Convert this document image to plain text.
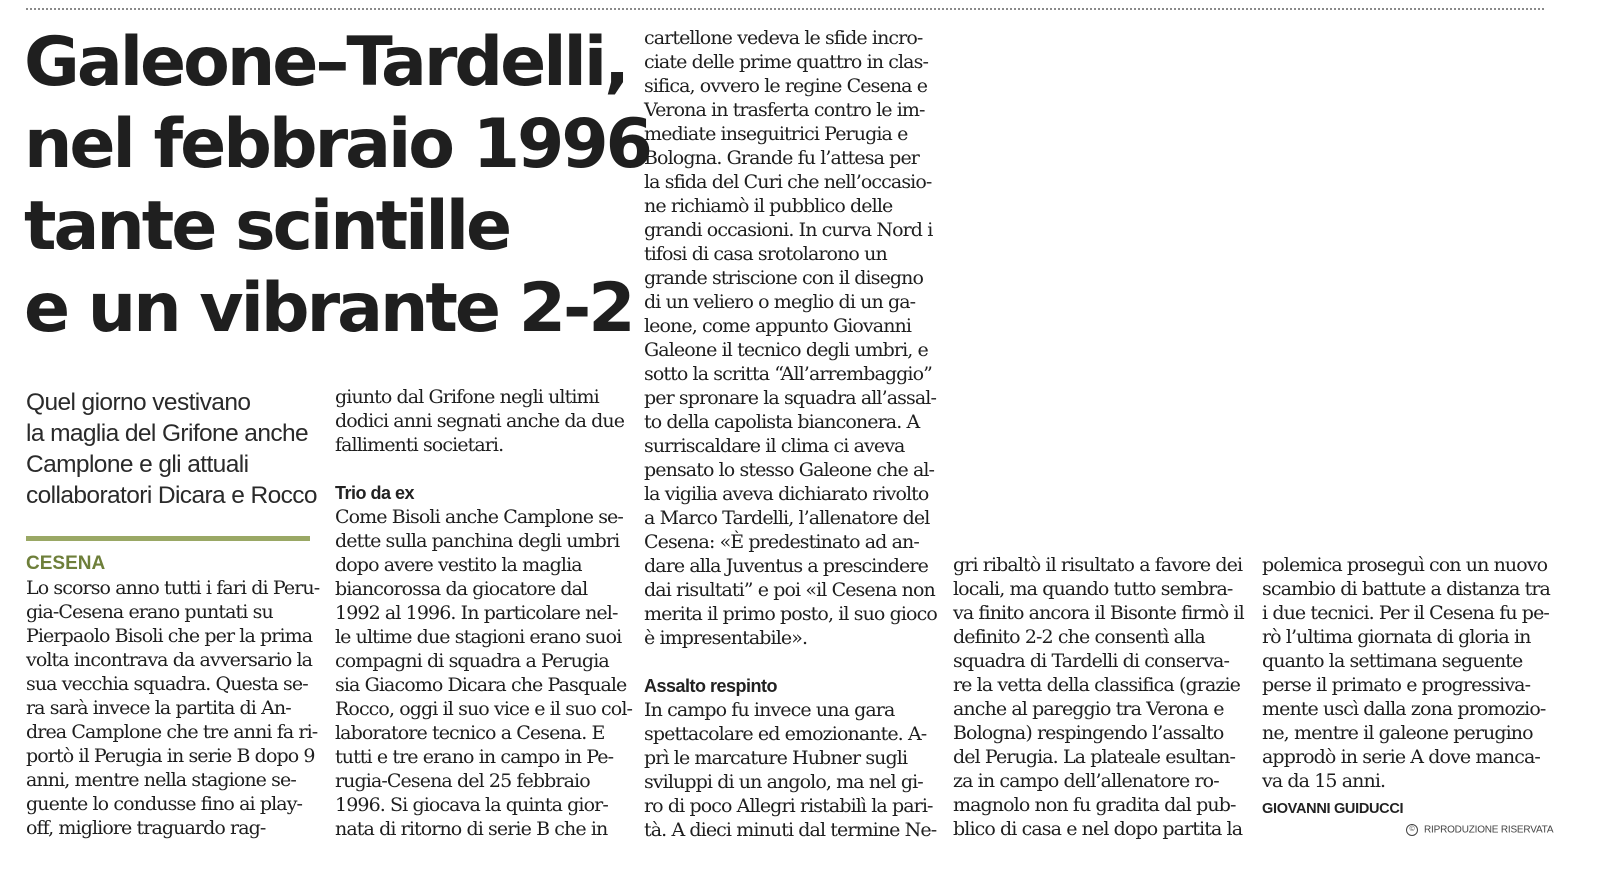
Galeone–Tardelli,
nel febbraio 1996
tante scintille
e un vibrante 2-2
Quel giorno vestivano
la maglia del Grifone anche
Camplone e gli attuali
collaboratori Dicara e Rocco
CESENA
Lo scorso anno tutti i fari di Peru-
gia-Cesena erano puntati su
Pierpaolo Bisoli che per la prima
volta incontrava da avversario la
sua vecchia squadra. Questa se-
ra sarà invece la partita di An-
drea Camplone che tre anni fa ri-
portò il Perugia in serie B dopo 9
anni, mentre nella stagione se-
guente lo condusse fino ai play-
off, migliore traguardo rag-
giunto dal Grifone negli ultimi
dodici anni segnati anche da due
fallimenti societari.
Trio da ex
Come Bisoli anche Camplone se-
dette sulla panchina degli umbri
dopo avere vestito la maglia
biancorossa da giocatore dal
1992 al 1996. In particolare nel-
le ultime due stagioni erano suoi
compagni di squadra a Perugia
sia Giacomo Dicara che Pasquale
Rocco, oggi il suo vice e il suo col-
laboratore tecnico a Cesena. E
tutti e tre erano in campo in Pe-
rugia-Cesena del 25 febbraio
1996. Si giocava la quinta gior-
nata di ritorno di serie B che in
cartellone vedeva le sfide incro-
ciate delle prime quattro in clas-
sifica, ovvero le regine Cesena e
Verona in trasferta contro le im-
mediate inseguitrici Perugia e
Bologna. Grande fu l’attesa per
la sfida del Curi che nell’occasio-
ne richiamò il pubblico delle
grandi occasioni. In curva Nord i
tifosi di casa srotolarono un
grande striscione con il disegno
di un veliero o meglio di un ga-
leone, come appunto Giovanni
Galeone il tecnico degli umbri, e
sotto la scritta “All’arrembaggio”
per spronare la squadra all’assal-
to della capolista bianconera. A
surriscaldare il clima ci aveva
pensato lo stesso Galeone che al-
la vigilia aveva dichiarato rivolto
a Marco Tardelli, l’allenatore del
Cesena: «È predestinato ad an-
dare alla Juventus a prescindere
dai risultati” e poi «il Cesena non
merita il primo posto, il suo gioco
è impresentabile».
Assalto respinto
In campo fu invece una gara
spettacolare ed emozionante. A-
prì le marcature Hubner sugli
sviluppi di un angolo, ma nel gi-
ro di poco Allegri ristabilì la pari-
tà. A dieci minuti dal termine Ne-
gri ribaltò il risultato a favore dei
locali, ma quando tutto sembra-
va finito ancora il Bisonte firmò il
definito 2-2 che consentì alla
squadra di Tardelli di conserva-
re la vetta della classifica (grazie
anche al pareggio tra Verona e
Bologna) respingendo l’assalto
del Perugia. La plateale esultan-
za in campo dell’allenatore ro-
magnolo non fu gradita dal pub-
blico di casa e nel dopo partita la
polemica proseguì con un nuovo
scambio di battute a distanza tra
i due tecnici. Per il Cesena fu pe-
rò l’ultima giornata di gloria in
quanto la settimana seguente
perse il primato e progressiva-
mente uscì dalla zona promozio-
ne, mentre il galeone perugino
approdò in serie A dove manca-
va da 15 anni.
GIOVANNI GUIDUCCI
© RIPRODUZIONE RISERVATA
